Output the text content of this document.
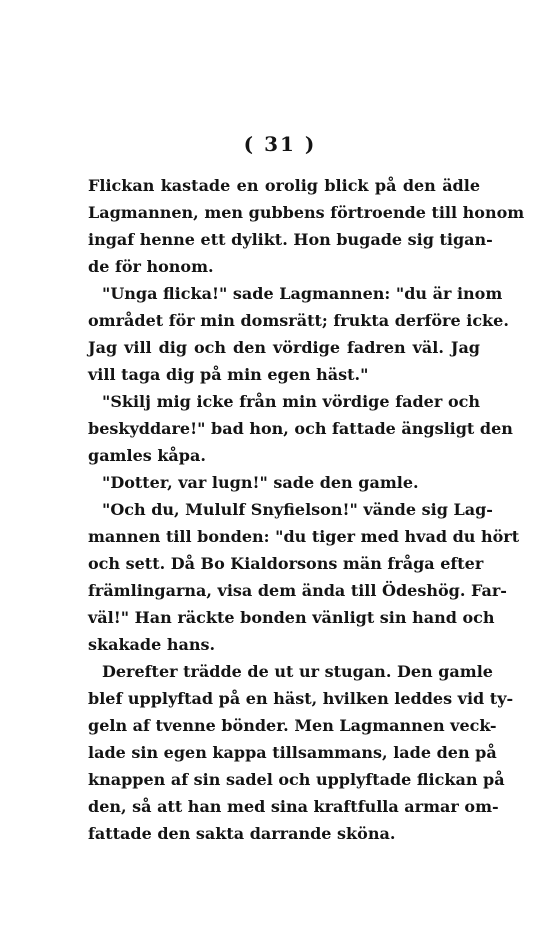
( 31 )
Flickan kastade en orolig blick på den ädle
Lagmannen, men gubbens förtroende till honom
ingaf henne ett dylikt. Hon bugade sig tigan-
de för honom.
"Unga flicka!" sade Lagmannen: "du är inom
området för min domsrätt; frukta derföre icke.
Jag vill dig och den vördige fadren väl. Jag
vill taga dig på min egen häst."
"Skilj mig icke från min vördige fader och
beskyddare!" bad hon, och fattade ängsligt den
gamles kåpa.
"Dotter, var lugn!" sade den gamle.
"Och du, Mululf Snyfielson!" vände sig Lag-
mannen till bonden: "du tiger med hvad du hört
och sett. Då Bo Kialdorsons män fråga efter
främlingarna, visa dem ända till Ödeshög. Far-
väl!" Han räckte bonden vänligt sin hand och
skakade hans.
Derefter trädde de ut ur stugan. Den gamle
blef upplyftad på en häst, hvilken leddes vid ty-
geln af tvenne bönder. Men Lagmannen veck-
lade sin egen kappa tillsammans, lade den på
knappen af sin sadel och upplyftade flickan på
den, så att han med sina kraftfulla armar om-
fattade den sakta darrande sköna.
